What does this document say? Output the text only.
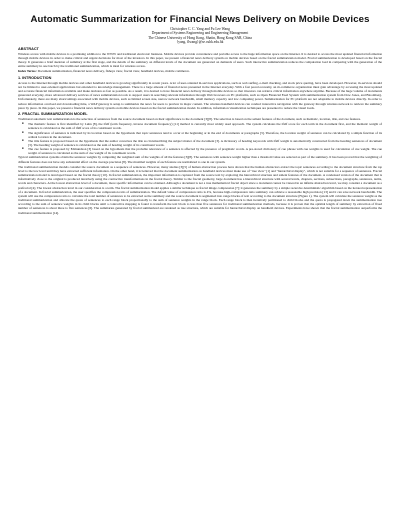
Automatic Summarization for Financial News Delivery on Mobile Devices
Christopher C. C. Yang and Fu Lee Wang
Department of Systems Engineering and Engineering Management
The Chinese University of Hong Kong, Shatin, Hong Kong SAR, China
{yang, flwang}@se.cuhk.edu.hk
ABSTRACT
Wireless access with mobile devices is a promising addition to the WWW and traditional electronic business. Mobile devices provide convenience and portable access to the huge information space on the Internet. It is desired to access the most updated financial information through mobile devices in order to make critical and urgent decisions for most of the investors. In this paper, we present a financial news delivery system on mobile devices based on the fractal summarization model. Fractal summarization is developed based on the fractal theory. It generates a brief skeleton of summary at the first stage, and the details of the summary on different levels of the document are generated on demands of users. Such interactive summarization reduces the computation load in comparing with the generation of the entire summary in one batch by the traditional summarization, which is ideal for wireless access.
Index Terms: Document summarization, financial news delivery, fisheye view, fractal view, handheld devices, mobile commerce.
1. INTRODUCTION
Access to the Internet through mobile devices and other handheld devices is growing significantly in recent years. A lot of user-oriented m-services applications, such as web surfing, e-mail checking, and stock price quoting, have been developed. However, m-services should not be limited to user-oriented applications but extended to knowledge management. There is a large amount of financial news presented in the Internet everyday. With a fast paced economy, an m-commerce organization must gain advantage by accessing the most updated and accurate financial information available and make decision as fast as possible. As a result, it is desired to have financial news delivery through mobile devices so that investors can retrieve critical information anywhere anytime. Because of the huge volume of documents generated everyday, more advanced delivery services of news summarization tools to support users in searching relevant information through Web browsers on PC platforms, such as Open Financial Feed System with summarization system from Dow Jones, and Bloomberg. Unfortunately, there are many shortcomings associated with mobile devices, such as limited screen size, narrow network bandwidth, small memory capacity and low computing power. Summarization for PC platform are not adaptable to mobile devices directly. In order to reduce information overload and downloading time, a WAP gateway is setup to summarize the news for users to preview in major content. The wireless handheld devices can conduct interactive navigation with the gateway through wireless network to retrieve the summary piece by piece. In this paper, we present a financial news delivery system on mobile devices based on the fractal summarization model. In addition, information visualization techniques are presented to reduce the visual loads.
2. FRACTAL SUMMARIZATION MODEL
Traditional automatic text summarization is the selection of sentences from the source document based on their significance to the document [3][8]. The selection is based on the salient features of the document, such as thematic, location, title, and cue features.
■ The thematic feature is first identified by Luhn [8], the tfidf (term frequency, inverse document frequency) [11] method is currently most widely used approach. The system calculates the tfidf score for each term in the document first, and the thematic weight of sentence is calculated as the sum of tfidf score of its constituent words.
■ The significance of sentence is indicated by its location based on the hypothesis that topic sentences tend to occur at the beginning or in the end of documents or paragraphs [3]. Therefore, the location weight of sentence can be calculated by a simple function of its ordinal location in the document.
■ The title feature is proposed based on the hypothesis that the author conceives the title as circumscribing the subject matter of the document [3]. A dictionary of heading keywords with tfidf weight is automatically constructed from the heading sentences of document [3]. The heading weight of sentence is calculated as the sum of heading weight of its constituent words.
■ The cue feature is proposed by Edmundson [3] based on the hypothesis that the probable relevance of a sentence is affected by the presence of pragmatic words. A pre-stored dictionary of cue phrase with cue weights is used for calculation of cue weight. The cue weight of sentence is calculated as the sum of cue weight of its constituent words.
Typical summarization systems obtain the sentence weights by computing the weighted sum of the weights of all the features [3][8]. The sentences with sentence weight higher than a threshold value are selected as part of the summary. It has been proved that the weighting of different features does not have any substantial effect on the average precision [8]. The maximal weights of each feature are normalized to one in our system.
The traditional summarization models consider the source document as a sequence of sentences. However, many studies [3][5] of human abstraction process have shown that the human abstractors extract the topic sentences according to the document structure from the top level to the low level until they have extracted sufficient information. On the other hand, it is believed that the document summarization on handheld devices must make use of "tree view" [1] and "hierarchical display", which is not suitable for a sequence of sentences. Fractal summarization model is developed based on the fractal theory [10]. In fractal summarization, the important information is captured from the source text by exploring the hierarchical structure and salient features of the document. A condensed version of the document that is informatively close to the original is produced iteratively using the contractive transformations in the fractal theory. Similar to the fractal geometry, large document has a hierarchical structure with several levels, chapters, sections, subsections, paragraphs, sentences, terms, words and characters. At the lowest abstraction level of a document, more specific information can be obtained. Although a document is not a true mathematical fractal object since a document cannot be viewed in an infinite abstraction level, we may consider a document as a prefractal [4]. The lowest abstraction level in our consideration is a term. The fractal summarization model applies a similar technique as fractal image compression [7]; it generates the summary by a simple recursive deterministic algorithm based on the iterated representation of a document. In fractal summarization, the user specifies the compression ratio of summarization. The default value of compression ratio is 4%, because high-compression ratio summary can achieve a reasonable high precision [13] and it can save network bandwidth. The system will use the compression ratio to calculate the total number of sentences to be extracted as the summary and the source document is segmented into range blocks of text according to the document structure (Figure 1). The system will calculate the sentence weight as the traditional summarization and allocate the quota of sentences to each range block proportionally to the sum of sentence weights in the range block. Each range block is then iteratively partitioned to child blocks and the quota is propagated down the summarization tree according to the sum of sentence weights in its child blocks until a contractive mapping is found to transform the text block to less than five sentences for traditional summarization methods, because it is proven that the optimal length of summary by extraction of fixed number of sentences is about three to five sentences [6]. The summaries generated by fractal summarized are rendered as tree structure, which are suitable for hierarchical display on handheld devices. Experiments have shown that the fractal summarization outperforms the traditional summarization [14].
